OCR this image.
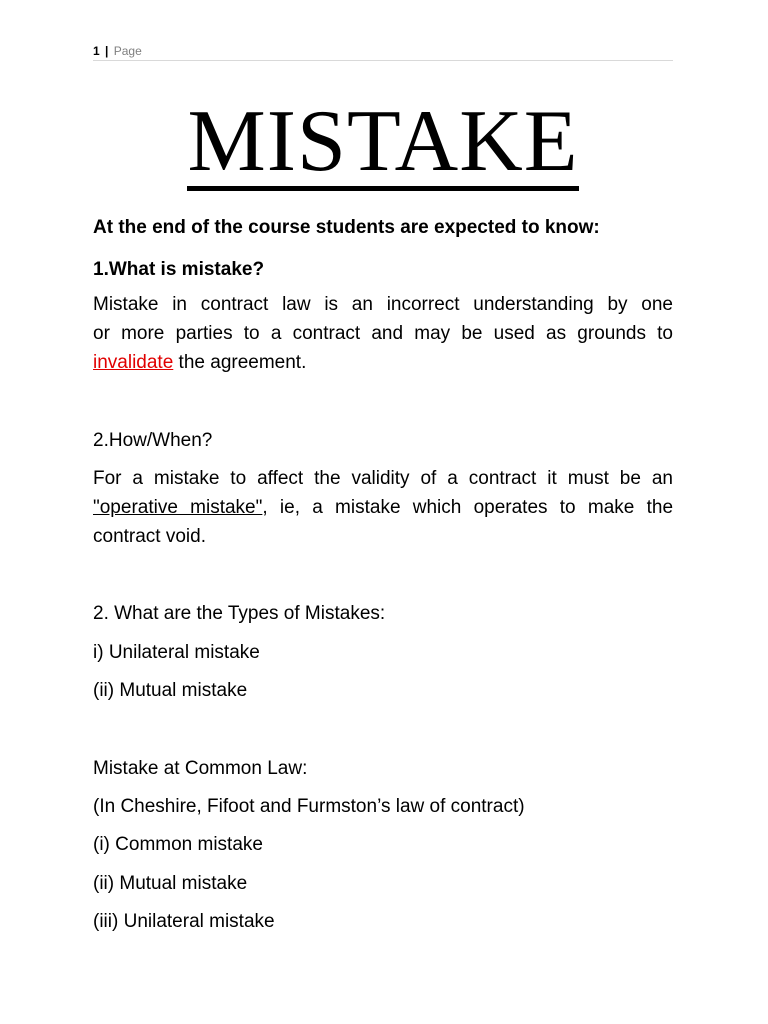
1 | Page
MISTAKE
At the end of the course students are expected to know:
1.What is mistake?
Mistake in contract law is an incorrect understanding by one
or more parties to a contract and may be used as grounds to
invalidate the agreement.
2.How/When?
For a mistake to affect the validity of a contract it must be an
"operative mistake", ie, a mistake which operates to make the
contract void.
2. What are the Types of Mistakes:
i) Unilateral mistake
(ii) Mutual mistake
Mistake at Common Law:
(In Cheshire, Fifoot and Furmston’s law of contract)
(i) Common mistake
(ii) Mutual mistake
(iii) Unilateral mistake
